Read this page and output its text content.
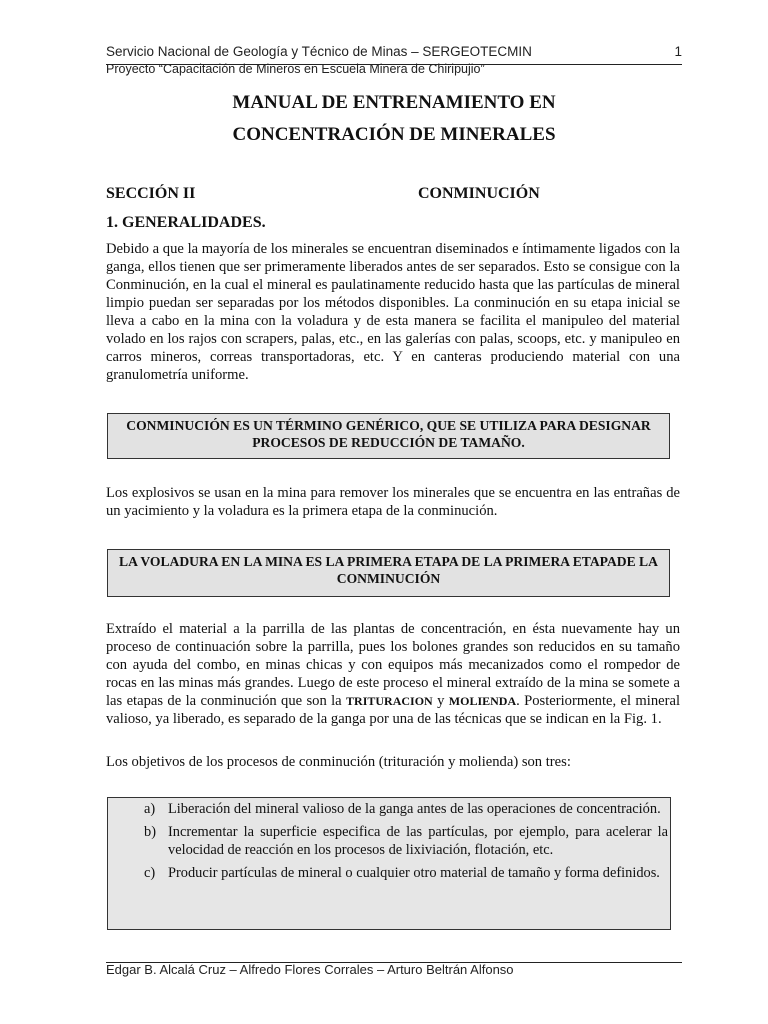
Servicio Nacional de Geología y Técnico de Minas – SERGEOTECMIN	1
Proyecto “Capacitación de Mineros en Escuela Minera de Chiripujio”
MANUAL DE ENTRENAMIENTO EN
CONCENTRACIÓN DE MINERALES
SECCIÓN II	CONMINUCIÓN
1. GENERALIDADES.
Debido a que la mayoría de los minerales se encuentran diseminados e íntimamente ligados con la ganga, ellos tienen que ser primeramente liberados antes de ser separados. Esto se consigue con la Conminución, en la cual el mineral es paulatinamente reducido hasta que las partículas de mineral limpio puedan ser separadas por los métodos disponibles. La conminución en su etapa inicial se lleva a cabo en la mina con la voladura y de esta manera se facilita el manipuleo del material volado en los rajos con scrapers, palas, etc., en las galerías con palas, scoops, etc. y manipuleo en carros mineros, correas transportadoras, etc. Y en canteras produciendo material con una granulometría uniforme.
CONMINUCIÓN ES UN TÉRMINO GENÉRICO, QUE SE UTILIZA PARA DESIGNAR PROCESOS DE REDUCCIÓN DE TAMAÑO.
Los explosivos se usan en la mina para remover los minerales que se encuentra en las entrañas de un yacimiento y la voladura es la primera etapa de la conminución.
LA VOLADURA EN LA MINA ES LA PRIMERA ETAPA DE LA PRIMERA ETAPADE LA CONMINUCIÓN
Extraído el material a la parrilla de las plantas de concentración, en ésta nuevamente hay un proceso de continuación sobre la parrilla, pues los bolones grandes son reducidos en su tamaño con ayuda del combo, en minas chicas y con equipos más mecanizados como el rompedor de rocas en las minas más grandes. Luego de este proceso el mineral extraído de la mina se somete a las etapas de la conminución que son la TRITURACION y MOLIENDA. Posteriormente, el mineral valioso, ya liberado, es separado de la ganga por una de las técnicas que se indican en la Fig. 1.
Los objetivos de los procesos de conminución (trituración y molienda) son tres:
a) Liberación del mineral valioso de la ganga antes de las operaciones de concentración.
b) Incrementar la superficie especifica de las partículas, por ejemplo, para acelerar la velocidad de reacción en los procesos de lixiviación, flotación, etc.
c) Producir partículas de mineral o cualquier otro material de tamaño y forma definidos.
Edgar B. Alcalá Cruz – Alfredo Flores Corrales – Arturo Beltrán Alfonso
